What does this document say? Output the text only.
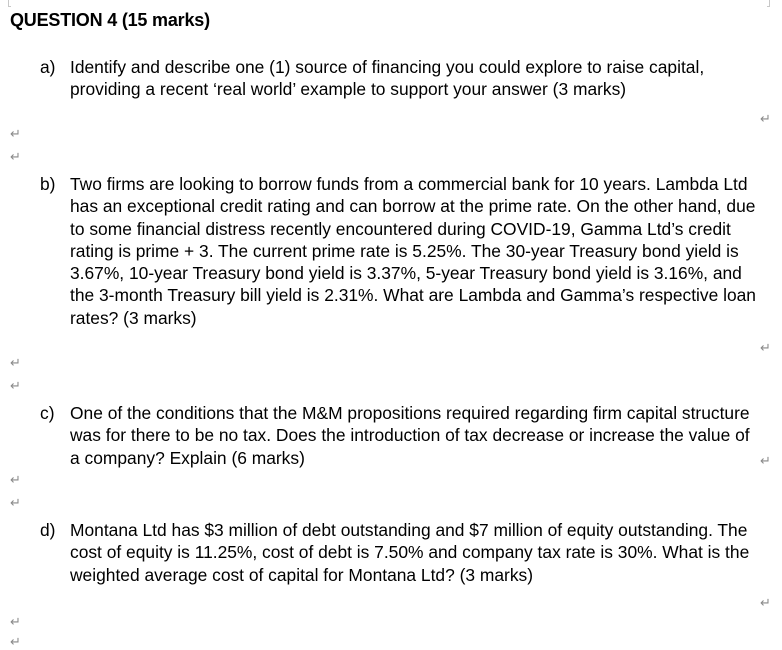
QUESTION 4 (15 marks)
a) Identify and describe one (1) source of financing you could explore to raise capital, providing a recent ‘real world’ example to support your answer (3 marks)
↵
↵
↵
b) Two firms are looking to borrow funds from a commercial bank for 10 years. Lambda Ltd has an exceptional credit rating and can borrow at the prime rate. On the other hand, due to some financial distress recently encountered during COVID-19, Gamma Ltd’s credit rating is prime + 3. The current prime rate is 5.25%. The 30-year Treasury bond yield is 3.67%, 10-year Treasury bond yield is 3.37%, 5-year Treasury bond yield is 3.16%, and the 3-month Treasury bill yield is 2.31%. What are Lambda and Gamma’s respective loan rates? (3 marks)
↵
↵
↵
c) One of the conditions that the M&M propositions required regarding firm capital structure was for there to be no tax. Does the introduction of tax decrease or increase the value of a company? Explain (6 marks)	↵
↵
↵
d) Montana Ltd has $3 million of debt outstanding and $7 million of equity outstanding. The cost of equity is 11.25%, cost of debt is 7.50% and company tax rate is 30%. What is the weighted average cost of capital for Montana Ltd? (3 marks)
↵
↵
↵
